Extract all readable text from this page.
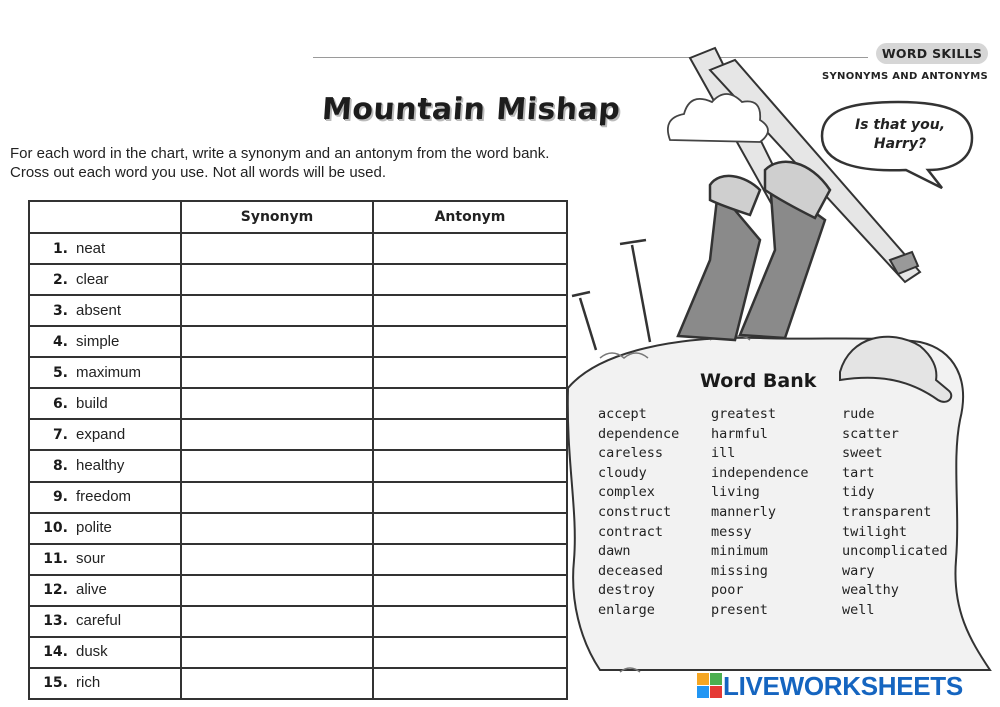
WORD SKILLS
SYNONYMS AND ANTONYMS
Mountain Mishap
For each word in the chart, write a synonym and an antonym from the word bank.
Cross out each word you use. Not all words will be used.
Is that you,
Harry?
	Synonym	Antonym
1. neat		
2. clear		
3. absent		
4. simple		
5. maximum		
6. build		
7. expand		
8. healthy		
9. freedom		
10. polite		
11. sour		
12. alive		
13. careful		
14. dusk		
15. rich		
Word Bank
accept
dependence
careless
cloudy
complex
construct
contract
dawn
deceased
destroy
enlarge
greatest
harmful
ill
independence
living
mannerly
messy
minimum
missing
poor
present
rude
scatter
sweet
tart
tidy
transparent
twilight
uncomplicated
wary
wealthy
well
LIVEWORKSHEETS
